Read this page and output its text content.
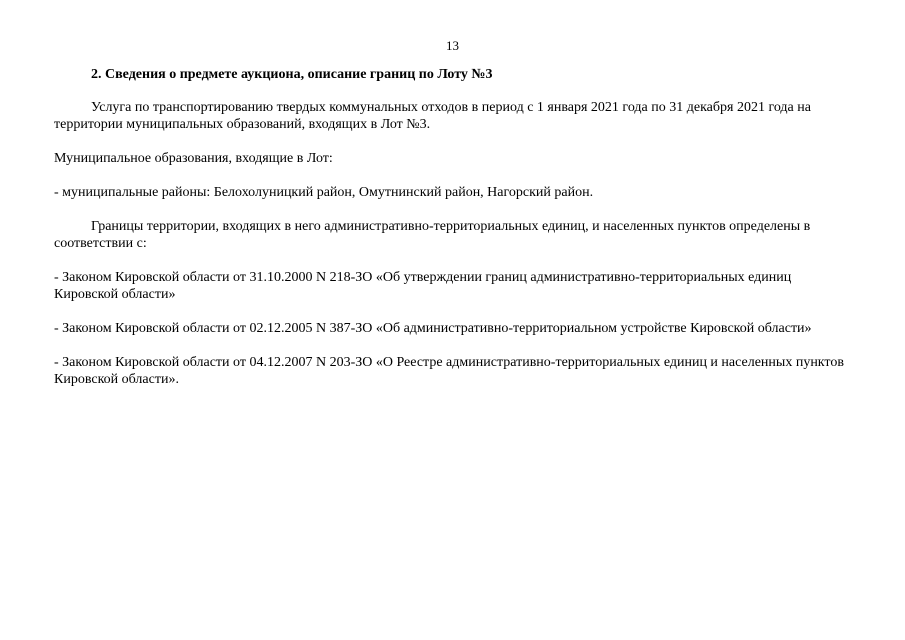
13

2. Сведения о предмете аукциона, описание границ по Лоту №3

Услуга по транспортированию твердых коммунальных отходов в период с 1 января 2021 года по 31 декабря 2021 года на территории муниципальных образований, входящих в Лот №3.

Муниципальное образования, входящие в Лот:

- муниципальные районы: Белохолуницкий район, Омутнинский район, Нагорский район.

Границы территории, входящих в него административно-территориальных единиц, и населенных пунктов определены в соответствии с:

- Законом Кировской области от 31.10.2000 N 218-ЗО «Об утверждении границ административно-территориальных единиц Кировской области»

- Законом Кировской области от 02.12.2005 N 387-ЗО «Об административно-территориальном устройстве Кировской области»

- Законом Кировской области от 04.12.2007 N 203-ЗО «О Реестре административно-территориальных единиц и населенных пунктов Кировской области».
